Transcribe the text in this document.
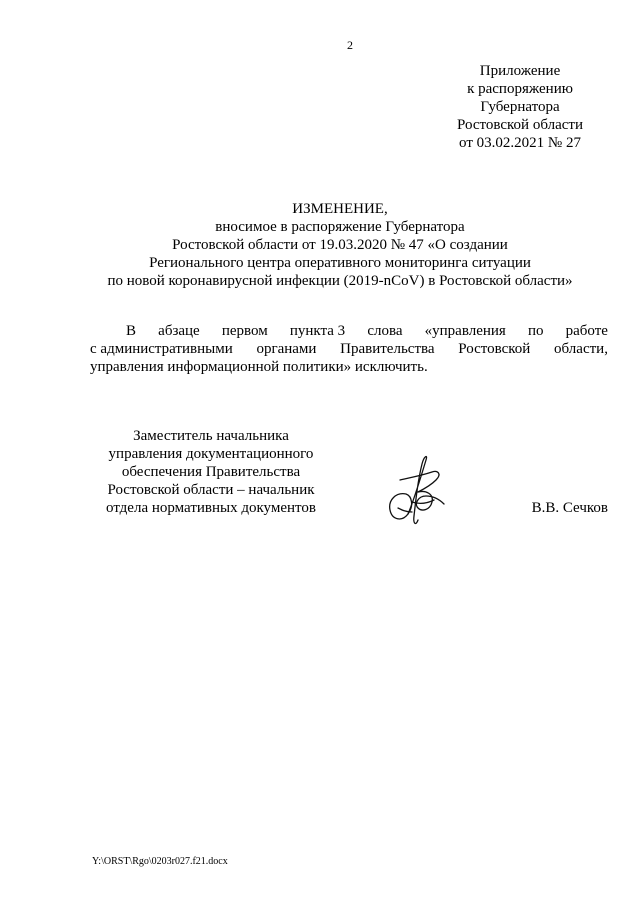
2
Приложение
к распоряжению
Губернатора
Ростовской области
от 03.02.2021 № 27
ИЗМЕНЕНИЕ,
вносимое в распоряжение Губернатора
Ростовской области от 19.03.2020 № 47 «О создании
Регионального центра оперативного мониторинга ситуации
по новой коронавирусной инфекции (2019-nCoV) в Ростовской области»
В абзаце первом пункта 3 слова «управления по работе
с административными органами Правительства Ростовской области,
управления информационной политики» исключить.
Заместитель начальника
управления документационного
обеспечения Правительства
Ростовской области – начальник
отдела нормативных документов	В.В. Сечков
Y:\ORST\Rgo\0203r027.f21.docx
